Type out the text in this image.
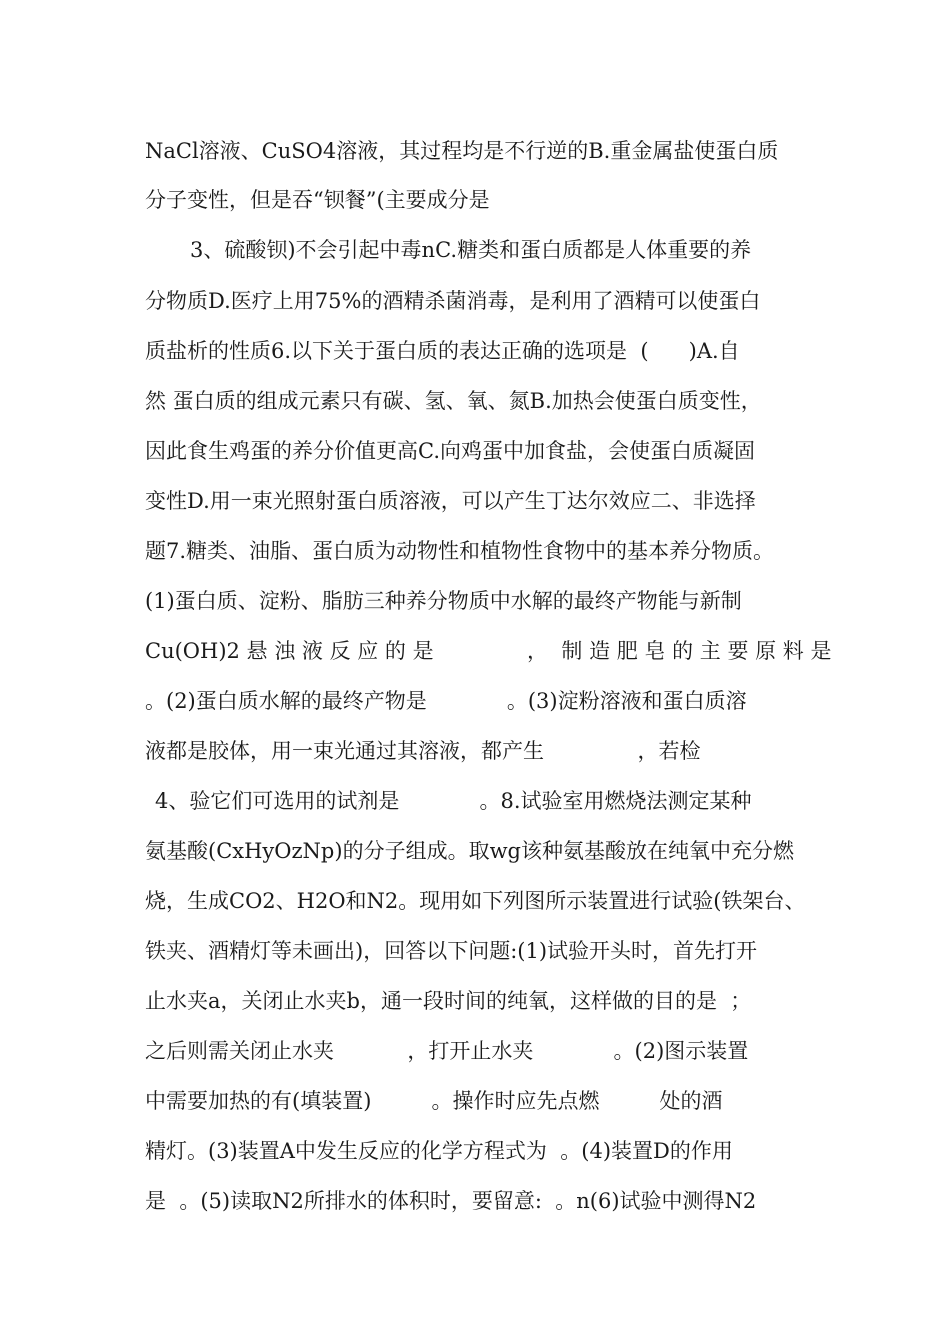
NaCl溶液、CuSO4溶液，其过程均是不行逆的B.重金属盐使蛋白质
分子变性，但是吞“钡餐”(主要成分是
3、硫酸钡)不会引起中毒nC.糖类和蛋白质都是人体重要的养
分物质D.医疗上用75%的酒精杀菌消毒，是利用了酒精可以使蛋白
质盐析的性质6.以下关于蛋白质的表达正确的选项是  (      )A.自
然 蛋白质的组成元素只有碳、氢、氧、氮B.加热会使蛋白质变性，
因此食生鸡蛋的养分价值更高C.向鸡蛋中加食盐，会使蛋白质凝固
变性D.用一束光照射蛋白质溶液，可以产生丁达尔效应二、非选择
题7.糖类、油脂、蛋白质为动物性和植物性食物中的基本养分物质。
(1)蛋白质、淀粉、脂肪三种养分物质中水解的最终产物能与新制
Cu(OH)2 悬 浊 液 反 应 的 是              ，  制 造 肥 皂 的 主 要 原 料 是
。(2)蛋白质水解的最终产物是            。(3)淀粉溶液和蛋白质溶
液都是胶体，用一束光通过其溶液，都产生              ，若检
4、验它们可选用的试剂是            。8.试验室用燃烧法测定某种
氨基酸(CxHyOzNp)的分子组成。取wg该种氨基酸放在纯氧中充分燃
烧，生成CO2、H2O和N2。现用如下列图所示装置进行试验(铁架台、
铁夹、酒精灯等未画出)，回答以下问题:(1)试验开头时，首先打开
止水夹a，关闭止水夹b，通一段时间的纯氧，这样做的目的是  ；
之后则需关闭止水夹           ，打开止水夹            。(2)图示装置
中需要加热的有(填装置)         。操作时应先点燃         处的酒
精灯。(3)装置A中发生反应的化学方程式为  。(4)装置D的作用
是  。(5)读取N2所排水的体积时，要留意:  。n(6)试验中测得N2
